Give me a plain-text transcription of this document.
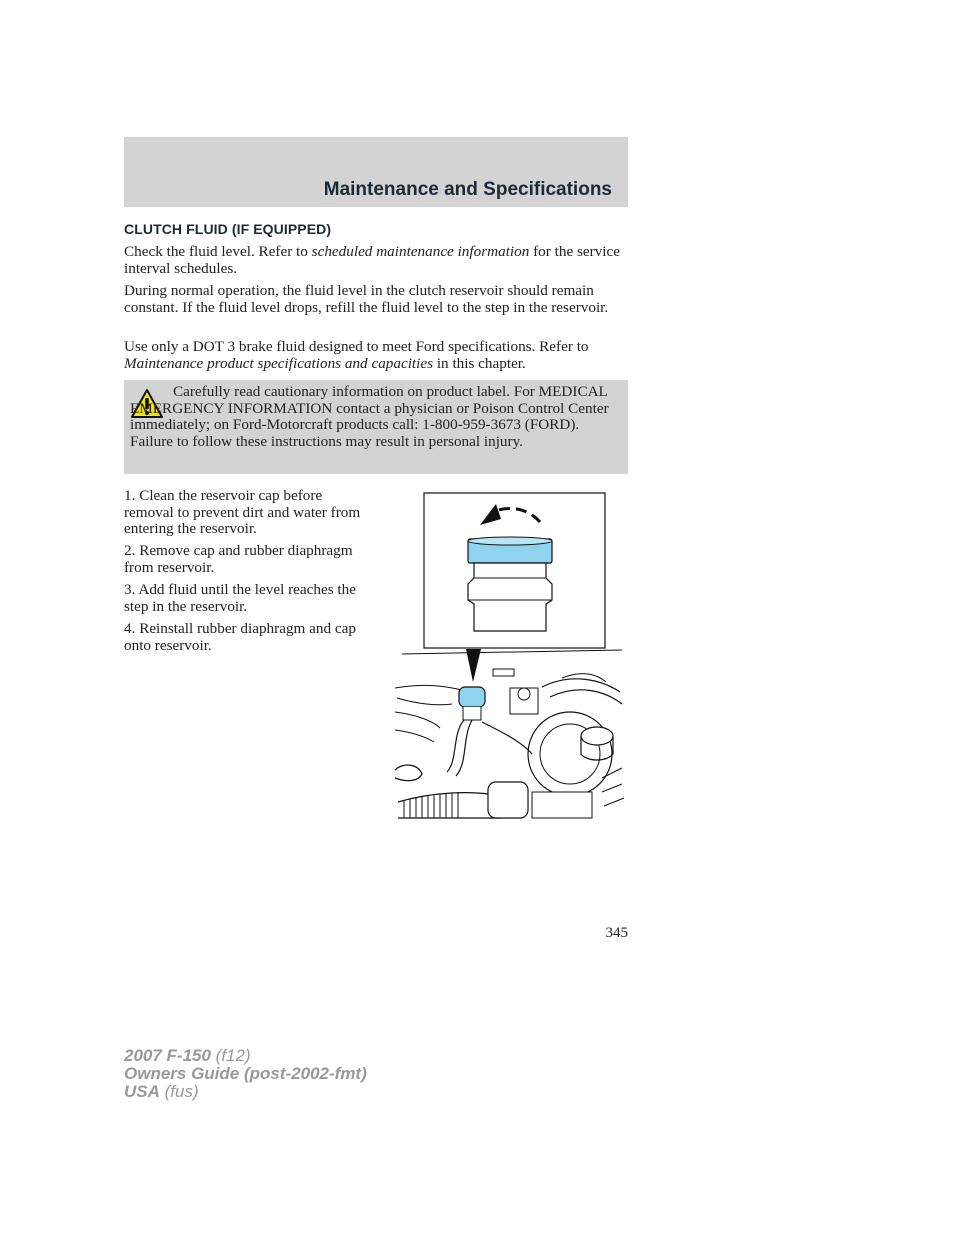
Maintenance and Specifications
CLUTCH FLUID (IF EQUIPPED)
Check the fluid level. Refer to scheduled maintenance information for the service interval schedules.
During normal operation, the fluid level in the clutch reservoir should remain constant. If the fluid level drops, refill the fluid level to the step in the reservoir.
Use only a DOT 3 brake fluid designed to meet Ford specifications. Refer to Maintenance product specifications and capacities in this chapter.
Carefully read cautionary information on product label. For MEDICAL EMERGENCY INFORMATION contact a physician or Poison Control Center immediately; on Ford-Motorcraft products call: 1-800-959-3673 (FORD). Failure to follow these instructions may result in personal injury.
1. Clean the reservoir cap before removal to prevent dirt and water from entering the reservoir.
2. Remove cap and rubber diaphragm from reservoir.
3. Add fluid until the level reaches the step in the reservoir.
4. Reinstall rubber diaphragm and cap onto reservoir.
345
2007 F-150 (f12)
Owners Guide (post-2002-fmt)
USA (fus)
